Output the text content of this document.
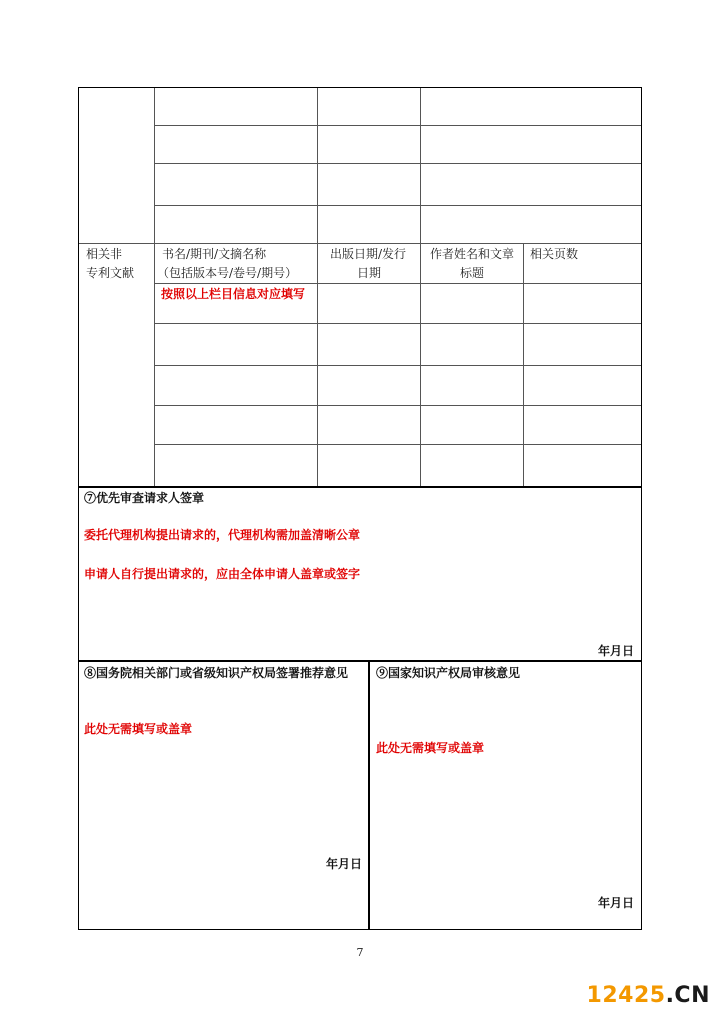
相关非
专利文献
书名/期刊/文摘名称
（包括版本号/卷号/期号）
出版日期/发行
日期
作者姓名和文章
标题
相关页数
按照以上栏目信息对应填写
⑦优先审查请求人签章
委托代理机构提出请求的，代理机构需加盖清晰公章
申请人自行提出请求的，应由全体申请人盖章或签字
年月日
⑧国务院相关部门或省级知识产权局签署推荐意见
此处无需填写或盖章
年月日
⑨国家知识产权局审核意见
此处无需填写或盖章
年月日
7
12425.CN
